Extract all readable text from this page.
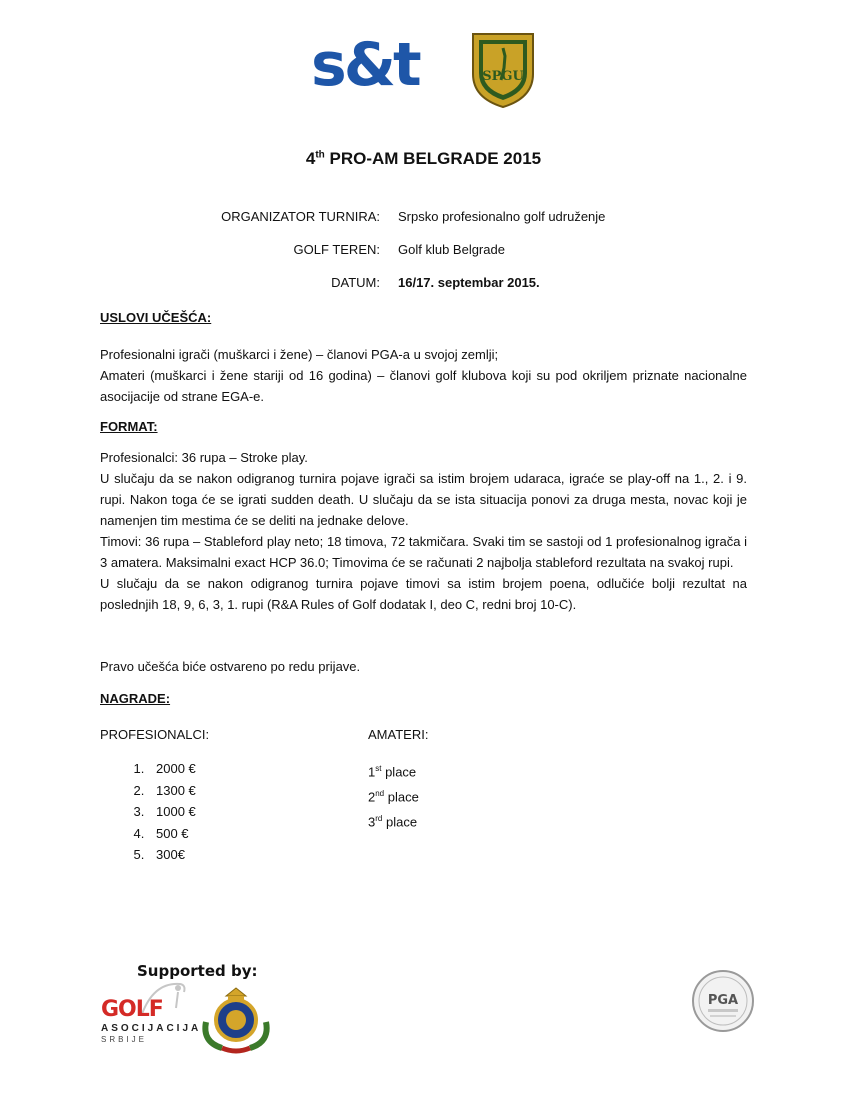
s&t	SPGU
4th PRO-AM BELGRADE 2015
ORGANIZATOR TURNIRA: Srpsko profesionalno golf udruženje
GOLF TEREN: Golf klub Belgrade
DATUM: 16/17. septembar 2015.
USLOVI UČEŠĆA:

Profesionalni igrači (muškarci i žene) – članovi PGA-a u svojoj zemlji;

Amateri (muškarci i žene stariji od 16 godina) – članovi golf klubova koji su pod okriljem priznate nacionalne asocijacije od strane EGA-e.

FORMAT:

Profesionalci: 36 rupa – Stroke play.

U slučaju da se nakon odigranog turnira pojave igrači sa istim brojem udaraca, igraće se play-off na 1., 2. i 9. rupi. Nakon toga će se igrati sudden death. U slučaju da se ista situacija ponovi za druga mesta, novac koji je namenjen tim mestima će se deliti na jednake delove.

Timovi: 36 rupa – Stableford play neto; 18 timova, 72 takmičara. Svaki tim se sastoji od 1 profesionalnog igrača i 3 amatera. Maksimalni exact HCP 36.0; Timovima će se računati 2 najbolja stableford rezultata na svakoj rupi.

U slučaju da se nakon odigranog turnira pojave timovi sa istim brojem poena, odlučiće bolji rezultat na poslednjih 18, 9, 6, 3, 1. rupi (R&A Rules of Golf dodatak I, deo C, redni broj 10-C).

Pravo učešća biće ostvareno po redu prijave.
NAGRADE:
PROFESIONALCI:	AMATERI:
1. 2000 €
2. 1300 €
3. 1000 €
4. 500 €
5. 300€
1st place
2nd place
3rd place
Supported by:
GOLF
ASOCIJACIJA
SRBIJE
PGA
